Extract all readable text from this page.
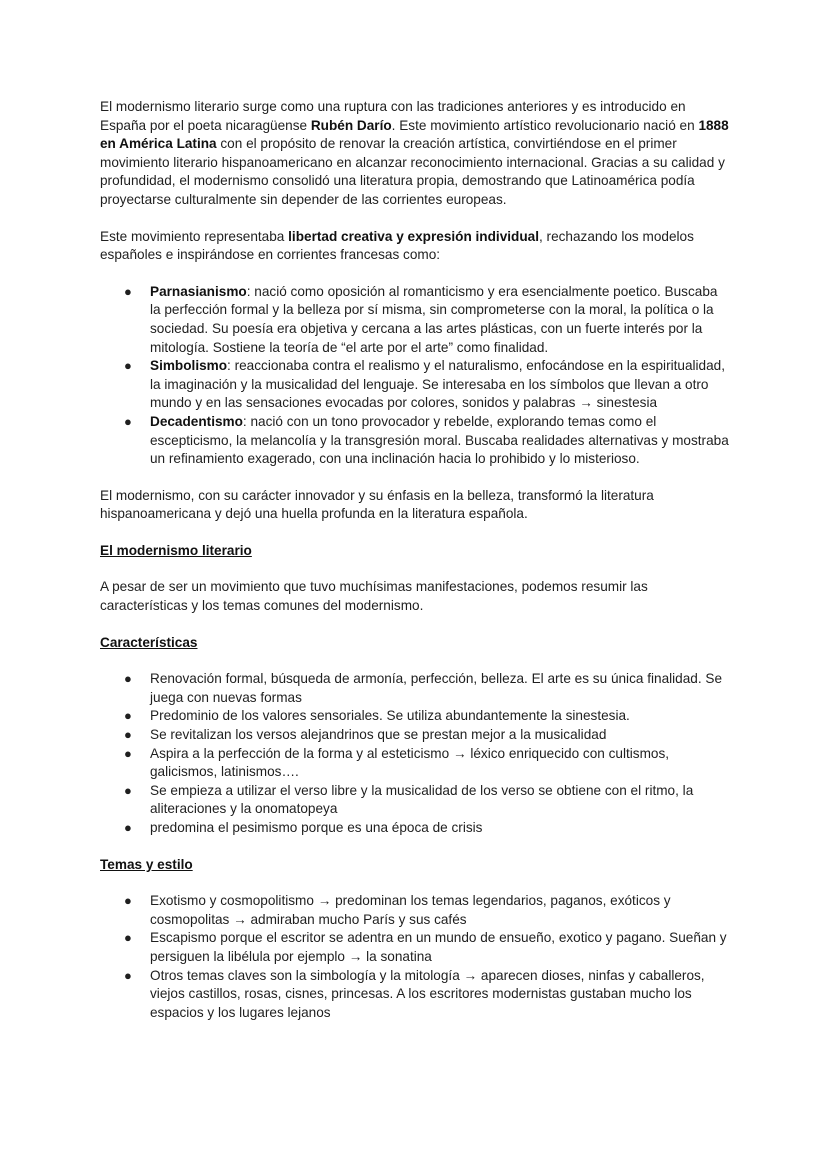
El modernismo literario surge como una ruptura con las tradiciones anteriores y es introducido en España por el poeta nicaragüense Rubén Darío. Este movimiento artístico revolucionario nació en 1888 en América Latina con el propósito de renovar la creación artística, convirtiéndose en el primer movimiento literario hispanoamericano en alcanzar reconocimiento internacional. Gracias a su calidad y profundidad, el modernismo consolidó una literatura propia, demostrando que Latinoamérica podía proyectarse culturalmente sin depender de las corrientes europeas.

Este movimiento representaba libertad creativa y expresión individual, rechazando los modelos españoles e inspirándose en corrientes francesas como:

● Parnasianismo: nació como oposición al romanticismo y era esencialmente poetico. Buscaba la perfección formal y la belleza por sí misma, sin comprometerse con la moral, la política o la sociedad. Su poesía era objetiva y cercana a las artes plásticas, con un fuerte interés por la mitología. Sostiene la teoría de “el arte por el arte” como finalidad.
● Simbolismo: reaccionaba contra el realismo y el naturalismo, enfocándose en la espiritualidad, la imaginación y la musicalidad del lenguaje. Se interesaba en los símbolos que llevan a otro mundo y en las sensaciones evocadas por colores, sonidos y palabras → sinestesia
● Decadentismo: nació con un tono provocador y rebelde, explorando temas como el escepticismo, la melancolía y la transgresión moral. Buscaba realidades alternativas y mostraba un refinamiento exagerado, con una inclinación hacia lo prohibido y lo misterioso.

El modernismo, con su carácter innovador y su énfasis en la belleza, transformó la literatura hispanoamericana y dejó una huella profunda en la literatura española.

El modernismo literario

A pesar de ser un movimiento que tuvo muchísimas manifestaciones, podemos resumir las características y los temas comunes del modernismo.

Características
● Renovación formal, búsqueda de armonía, perfección, belleza. El arte es su única finalidad. Se juega con nuevas formas
● Predominio de los valores sensoriales. Se utiliza abundantemente la sinestesia.
● Se revitalizan los versos alejandrinos que se prestan mejor a la musicalidad
● Aspira a la perfección de la forma y al esteticismo → léxico enriquecido con cultismos, galicismos, latinismos….
● Se empieza a utilizar el verso libre y la musicalidad de los verso se obtiene con el ritmo, la aliteraciones y la onomatopeya
● predomina el pesimismo porque es una época de crisis
Temas y estilo
● Exotismo y cosmopolitismo → predominan los temas legendarios, paganos, exóticos y cosmopolitas → admiraban mucho París y sus cafés
● Escapismo porque el escritor se adentra en un mundo de ensueño, exotico y pagano. Sueñan y persiguen la libélula por ejemplo → la sonatina
● Otros temas claves son la simbología y la mitología → aparecen dioses, ninfas y caballeros, viejos castillos, rosas, cisnes, princesas. A los escritores modernistas gustaban mucho los espacios y los lugares lejanos
